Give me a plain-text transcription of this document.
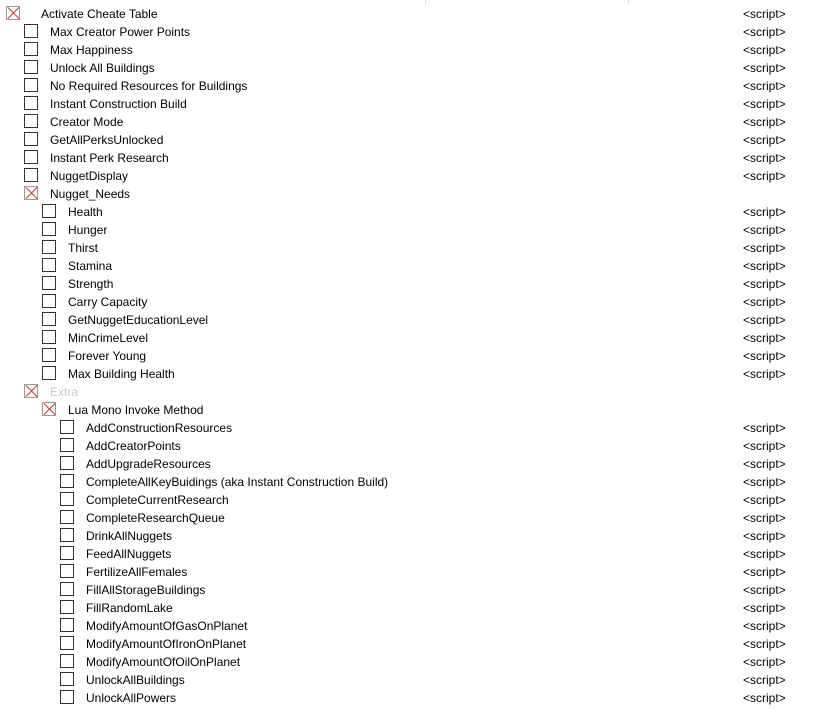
Activate Cheate Table	<script>
Max Creator Power Points	<script>
Max Happiness	<script>
Unlock All Buildings	<script>
No Required Resources for Buildings	<script>
Instant Construction Build	<script>
Creator Mode	<script>
GetAllPerksUnlocked	<script>
Instant Perk Research	<script>
NuggetDisplay	<script>
Nugget_Needs
Health	<script>
Hunger	<script>
Thirst	<script>
Stamina	<script>
Strength	<script>
Carry Capacity	<script>
GetNuggetEducationLevel	<script>
MinCrimeLevel	<script>
Forever Young	<script>
Max Building Health	<script>
Extra
Lua Mono Invoke Method
AddConstructionResources	<script>
AddCreatorPoints	<script>
AddUpgradeResources	<script>
CompleteAllKeyBuidings (aka Instant Construction Build)	<script>
CompleteCurrentResearch	<script>
CompleteResearchQueue	<script>
DrinkAllNuggets	<script>
FeedAllNuggets	<script>
FertilizeAllFemales	<script>
FillAllStorageBuildings	<script>
FillRandomLake	<script>
ModifyAmountOfGasOnPlanet	<script>
ModifyAmountOfIronOnPlanet	<script>
ModifyAmountOfOilOnPlanet	<script>
UnlockAllBuildings	<script>
UnlockAllPowers	<script>
